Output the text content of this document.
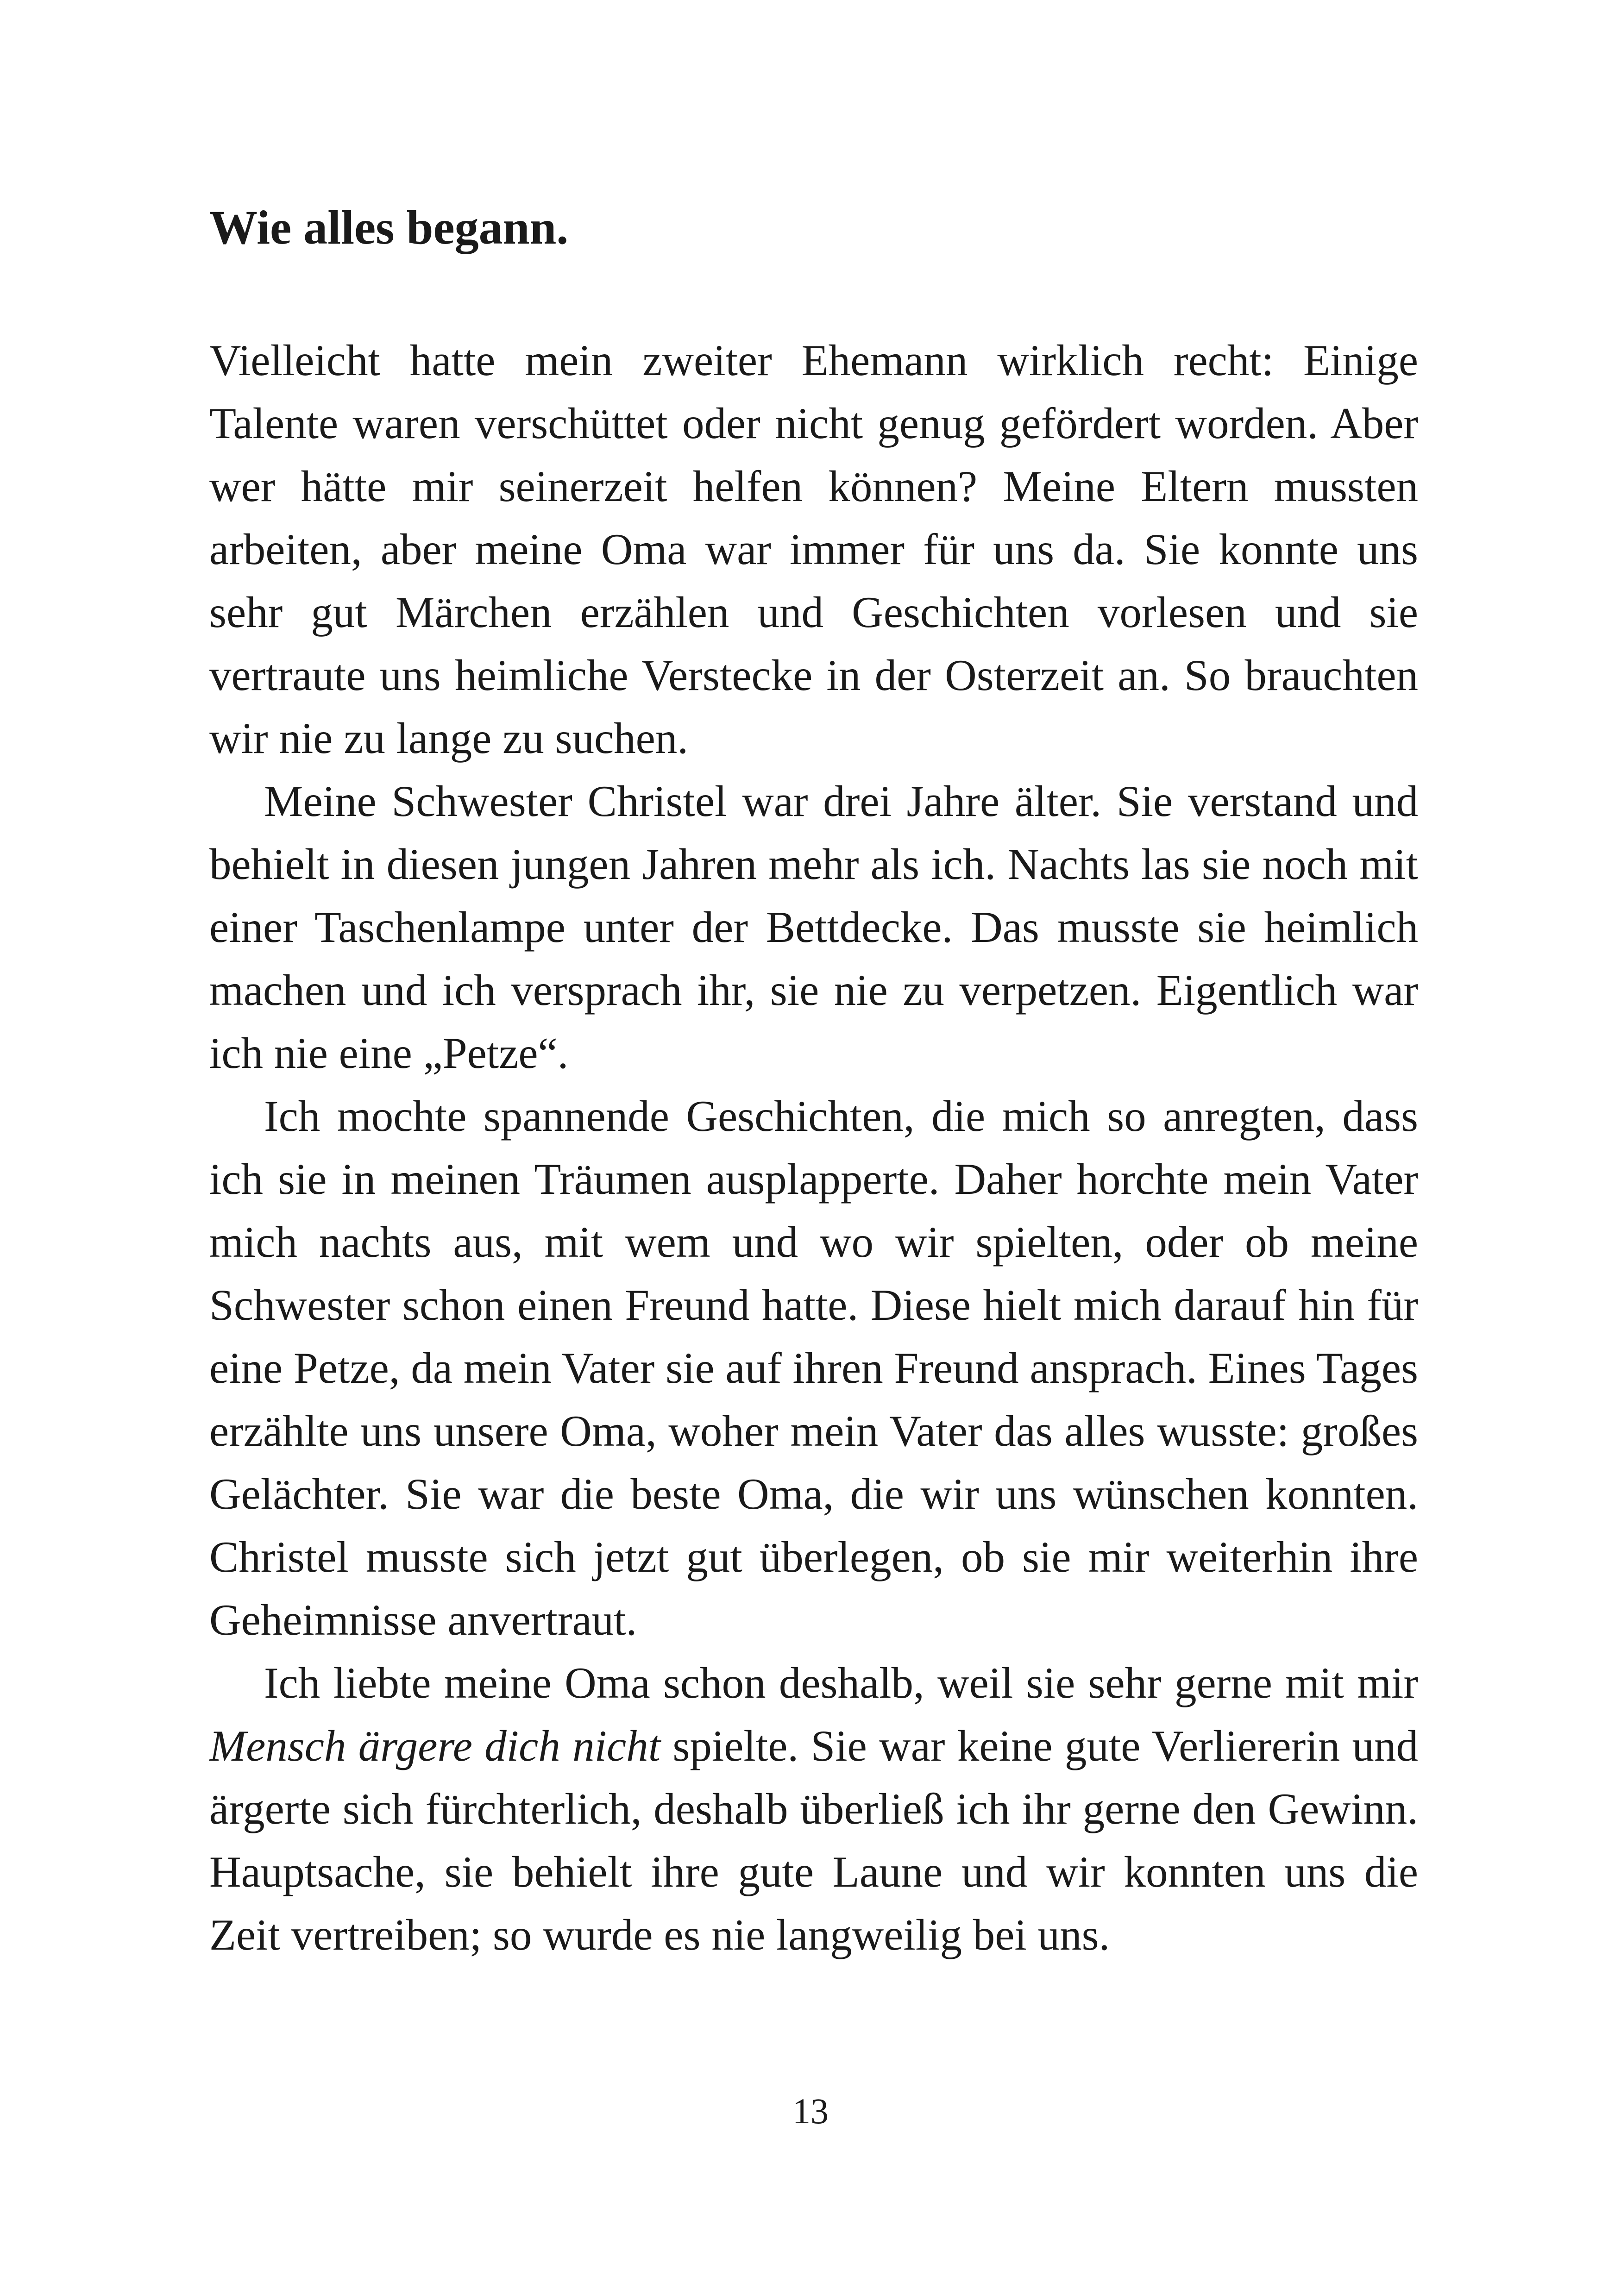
Wie alles begann.

Vielleicht hatte mein zweiter Ehemann wirklich recht: Einige Talente waren verschüttet oder nicht genug gefördert worden. Aber wer hätte mir seinerzeit helfen können? Meine Eltern mussten arbeiten, aber meine Oma war immer für uns da. Sie konnte uns sehr gut Märchen erzählen und Geschichten vorlesen und sie vertraute uns heimliche Verstecke in der Osterzeit an. So brauchten wir nie zu lange zu suchen.

Meine Schwester Christel war drei Jahre älter. Sie verstand und behielt in diesen jungen Jahren mehr als ich. Nachts las sie noch mit einer Taschenlampe unter der Bettdecke. Das musste sie heimlich machen und ich versprach ihr, sie nie zu verpetzen. Eigentlich war ich nie eine „Petze“.

Ich mochte spannende Geschichten, die mich so anregten, dass ich sie in meinen Träumen ausplapperte. Daher horchte mein Vater mich nachts aus, mit wem und wo wir spielten, oder ob meine Schwester schon einen Freund hatte. Diese hielt mich darauf hin für eine Petze, da mein Vater sie auf ihren Freund ansprach. Eines Tages erzählte uns unsere Oma, woher mein Vater das alles wusste: großes Gelächter. Sie war die beste Oma, die wir uns wünschen konnten. Christel musste sich jetzt gut überlegen, ob sie mir weiterhin ihre Geheimnisse anvertraut.

Ich liebte meine Oma schon deshalb, weil sie sehr gerne mit mir Mensch ärgere dich nicht spielte. Sie war keine gute Verliererin und ärgerte sich fürchterlich, deshalb überließ ich ihr gerne den Gewinn. Hauptsache, sie behielt ihre gute Laune und wir konnten uns die Zeit vertreiben; so wurde es nie langweilig bei uns.

13
